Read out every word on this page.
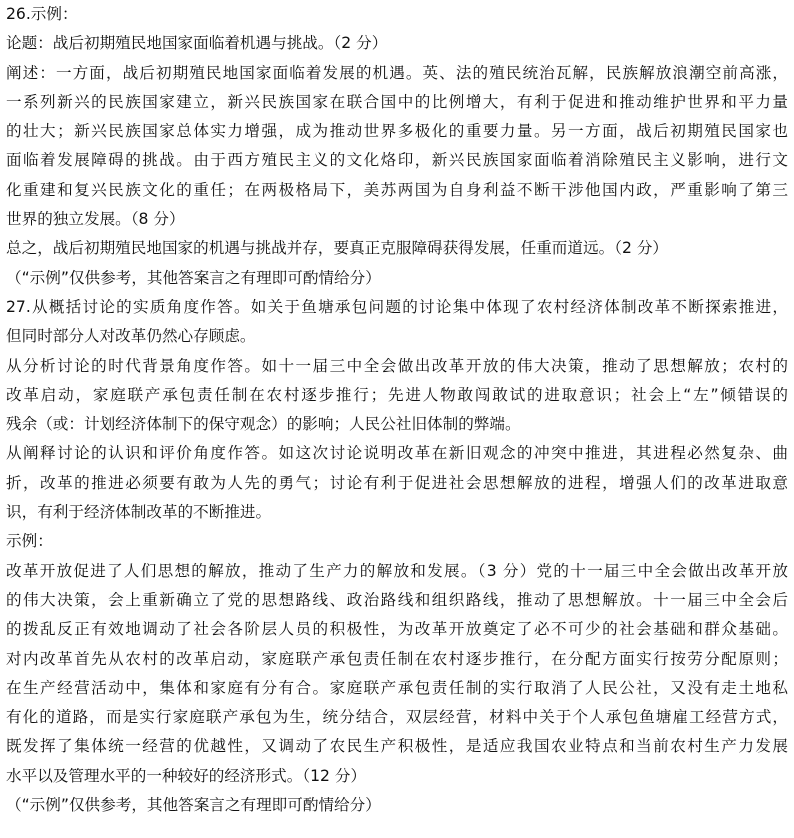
26.示例：
论题：战后初期殖民地国家面临着机遇与挑战。（2 分）
阐述：一方面，战后初期殖民地国家面临着发展的机遇。英、法的殖民统治瓦解，民族解放浪潮空前高涨，
一系列新兴的民族国家建立，新兴民族国家在联合国中的比例增大，有利于促进和推动维护世界和平力量
的壮大；新兴民族国家总体实力增强，成为推动世界多极化的重要力量。另一方面，战后初期殖民国家也
面临着发展障碍的挑战。由于西方殖民主义的文化烙印，新兴民族国家面临着消除殖民主义影响，进行文
化重建和复兴民族文化的重任；在两极格局下，美苏两国为自身利益不断干涉他国内政，严重影响了第三
世界的独立发展。（8 分）
总之，战后初期殖民地国家的机遇与挑战并存，要真正克服障碍获得发展，任重而道远。（2 分）
（“示例”仅供参考，其他答案言之有理即可酌情给分）
27.从概括讨论的实质角度作答。如关于鱼塘承包问题的讨论集中体现了农村经济体制改革不断探索推进，
但同时部分人对改革仍然心存顾虑。
从分析讨论的时代背景角度作答。如十一届三中全会做出改革开放的伟大决策，推动了思想解放；农村的
改革启动，家庭联产承包责任制在农村逐步推行；先进人物敢闯敢试的进取意识；社会上“左”倾错误的
残余（或：计划经济体制下的保守观念）的影响；人民公社旧体制的弊端。
从阐释讨论的认识和评价角度作答。如这次讨论说明改革在新旧观念的冲突中推进，其进程必然复杂、曲
折，改革的推进必须要有敢为人先的勇气；讨论有利于促进社会思想解放的进程，增强人们的改革进取意
识，有利于经济体制改革的不断推进。
示例：
改革开放促进了人们思想的解放，推动了生产力的解放和发展。（3 分）党的十一届三中全会做出改革开放
的伟大决策，会上重新确立了党的思想路线、政治路线和组织路线，推动了思想解放。十一届三中全会后
的拨乱反正有效地调动了社会各阶层人员的积极性，为改革开放奠定了必不可少的社会基础和群众基础。
对内改革首先从农村的改革启动，家庭联产承包责任制在农村逐步推行，在分配方面实行按劳分配原则；
在生产经营活动中，集体和家庭有分有合。家庭联产承包责任制的实行取消了人民公社，又没有走土地私
有化的道路，而是实行家庭联产承包为生，统分结合，双层经营，材料中关于个人承包鱼塘雇工经营方式，
既发挥了集体统一经营的优越性，又调动了农民生产积极性，是适应我国农业特点和当前农村生产力发展
水平以及管理水平的一种较好的经济形式。（12 分）
（“示例”仅供参考，其他答案言之有理即可酌情给分）
